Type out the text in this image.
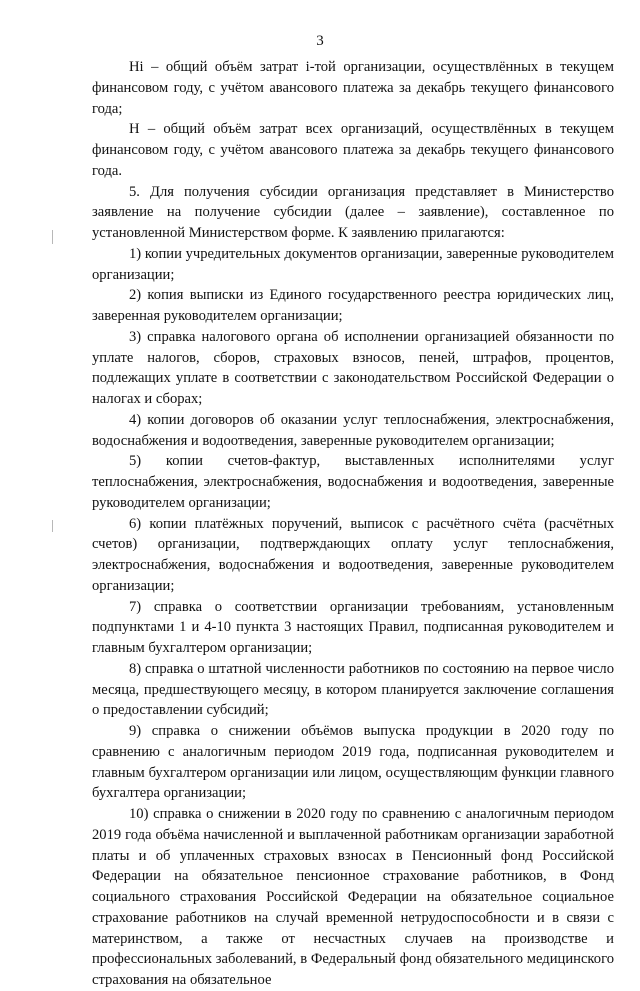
3

Hi – общий объём затрат i-той организации, осуществлённых в текущем финансовом году, с учётом авансового платежа за декабрь текущего финансового года;

H – общий объём затрат всех организаций, осуществлённых в текущем финансовом году, с учётом авансового платежа за декабрь текущего финансового года.

5. Для получения субсидии организация представляет в Министерство заявление на получение субсидии (далее – заявление), составленное по установленной Министерством форме. К заявлению прилагаются:

1) копии учредительных документов организации, заверенные руководителем организации;

2) копия выписки из Единого государственного реестра юридических лиц, заверенная руководителем организации;

3) справка налогового органа об исполнении организацией обязанности по уплате налогов, сборов, страховых взносов, пеней, штрафов, процентов, подлежащих уплате в соответствии с законодательством Российской Федерации о налогах и сборах;

4) копии договоров об оказании услуг теплоснабжения, электроснабжения, водоснабжения и водоотведения, заверенные руководителем организации;

5) копии счетов-фактур, выставленных исполнителями услуг теплоснабжения, электроснабжения, водоснабжения и водоотведения, заверенные руководителем организации;

6) копии платёжных поручений, выписок с расчётного счёта (расчётных счетов) организации, подтверждающих оплату услуг теплоснабжения, электроснабжения, водоснабжения и водоотведения, заверенные руководителем организации;

7) справка о соответствии организации требованиям, установленным подпунктами 1 и 4-10 пункта 3 настоящих Правил, подписанная руководителем и главным бухгалтером организации;

8) справка о штатной численности работников по состоянию на первое число месяца, предшествующего месяцу, в котором планируется заключение соглашения о предоставлении субсидий;

9) справка о снижении объёмов выпуска продукции в 2020 году по сравнению с аналогичным периодом 2019 года, подписанная руководителем и главным бухгалтером организации или лицом, осуществляющим функции главного бухгалтера организации;

10) справка о снижении в 2020 году по сравнению с аналогичным периодом 2019 года объёма начисленной и выплаченной работникам организации заработной платы и об уплаченных страховых взносах в Пенсионный фонд Российской Федерации на обязательное пенсионное страхование работников, в Фонд социального страхования Российской Федерации на обязательное социальное страхование работников на случай временной нетрудоспособности и в связи с материнством, а также от несчастных случаев на производстве и профессиональных заболеваний, в Федеральный фонд обязательного медицинского страхования на обязательное
